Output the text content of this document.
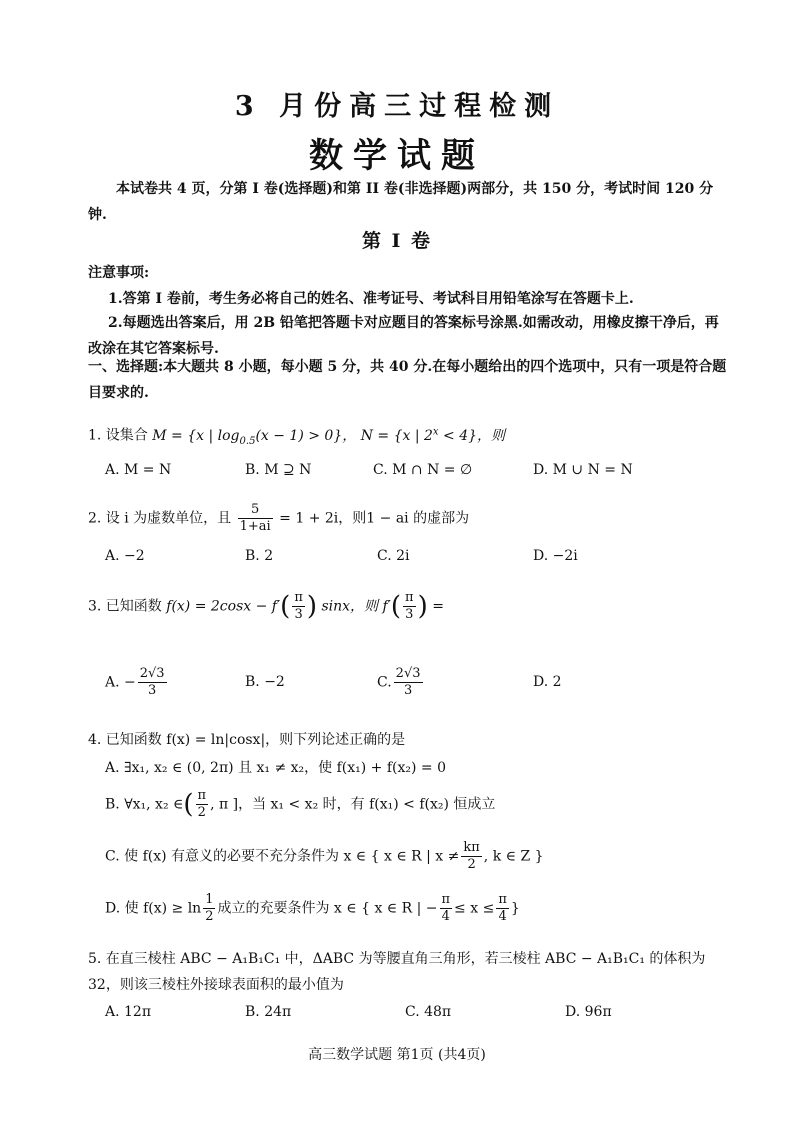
3 月份高三过程检测
数学试题
本试卷共 4 页，分第 I 卷(选择题)和第 II 卷(非选择题)两部分，共 150 分，考试时间 120 分钟.
第 I 卷
注意事项:
1.答第 I 卷前，考生务必将自己的姓名、准考证号、考试科目用铅笔涂写在答题卡上.
2.每题选出答案后，用 2B 铅笔把答题卡对应题目的答案标号涂黑.如需改动，用橡皮擦干净后，再改涂在其它答案标号.
一、选择题:本大题共 8 小题，每小题 5 分，共 40 分.在每小题给出的四个选项中，只有一项是符合题目要求的.
1. 设集合 M = {x | $\log_{0.5}(x - 1) > 0$}， N = {x | $2^x < 4$}，则
A. M = N	B. M ⊇ N	C. M ∩ N = ∅	D. M ∪ N = N
2. 设 i 为虚数单位，且 $\frac{5}{1+ai} = 1 + 2i$，则1 − ai 的虚部为
A. −2	B. 2	C. 2i	D. −2i
3. 已知函数 $f(x) = 2\cos x - f'( \frac{\pi}{3}$ ) sinx，则 $f'( \frac{\pi}{3}$ ) =
A. − $\frac{2√3}{3}$	B. −2	C. $\frac{2√3}{3}$	D. 2
4. 已知函数 f(x) = ln|cosx|，则下列论述正确的是
A. ∃x₁, x₂ ∈ (0, 2π) 且 x₁ ≠ x₂，使 f(x₁) + f(x₂) = 0
B. ∀x₁, x₂ ∈( $\frac{\pi}{2}$ , π ]，当 x₁ < x₂ 时，有 f(x₁) < f(x₂) 恒成立
C. 使 f(x) 有意义的必要不充分条件为 x ∈ { x ∈ R | $x \ne \frac{k\pi}{2}$ , k ∈ Z }
D. 使 $f(x) \ge \ln \frac{1}{2}$ 成立的充要条件为 x ∈ { x ∈ R | − $\frac{\pi}{4} \le x \le \frac{\pi}{4}$ }
5. 在直三棱柱 ABC − A₁B₁C₁ 中，ΔABC 为等腰直角三角形，若三棱柱 ABC − A₁B₁C₁ 的体积为32，则该三棱柱外接球表面积的最小值为
A. 12π	B. 24π	C. 48π	D. 96π
高三数学试题 第1页 (共4页)
